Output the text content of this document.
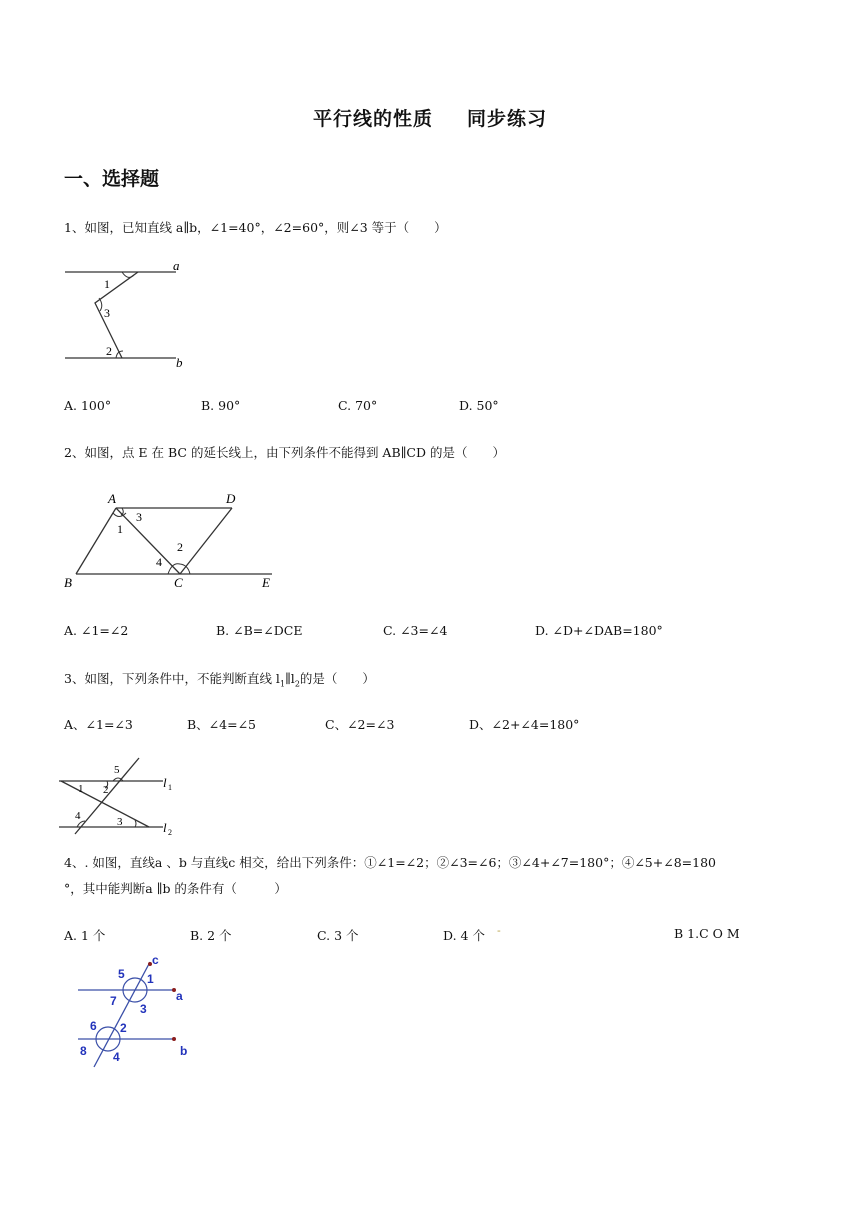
平行线的性质 同步练习
一、选择题
1、如图，已知直线 a∥b，∠1=40°，∠2=60°，则∠3 等于（　　）
a
b
1
2
3
A. 100°	B. 90°	C. 70°	D. 50°
2、如图，点 E 在 BC 的延长线上，由下列条件不能得到 AB∥CD 的是（　　）
A	D
B	C	E
1
2
3
4
A. ∠1=∠2	B. ∠B=∠DCE	C. ∠3=∠4	D. ∠D+∠DAB=180°
3、如图，下列条件中，不能判断直线 $l_1\parallel l_2$的是（　　）
A、∠1=∠3	B、∠4=∠5	C、∠2=∠3	D、∠2+∠4=180°
l 1
l 2
1 2
3
4
5
4、. 如图，直线a 、b 与直线c 相交，给出下列条件：①∠1=∠2；②∠3=∠6；③∠4+∠7=180°；④∠5+∠8=180
°，其中能判断a ∥b 的条件有（　　　）
A. 1 个	B. 2 个	C. 3 个	D. 4 个 -	B 1.C O M
c
a
b
1
2
3
4
5
6
7
8
